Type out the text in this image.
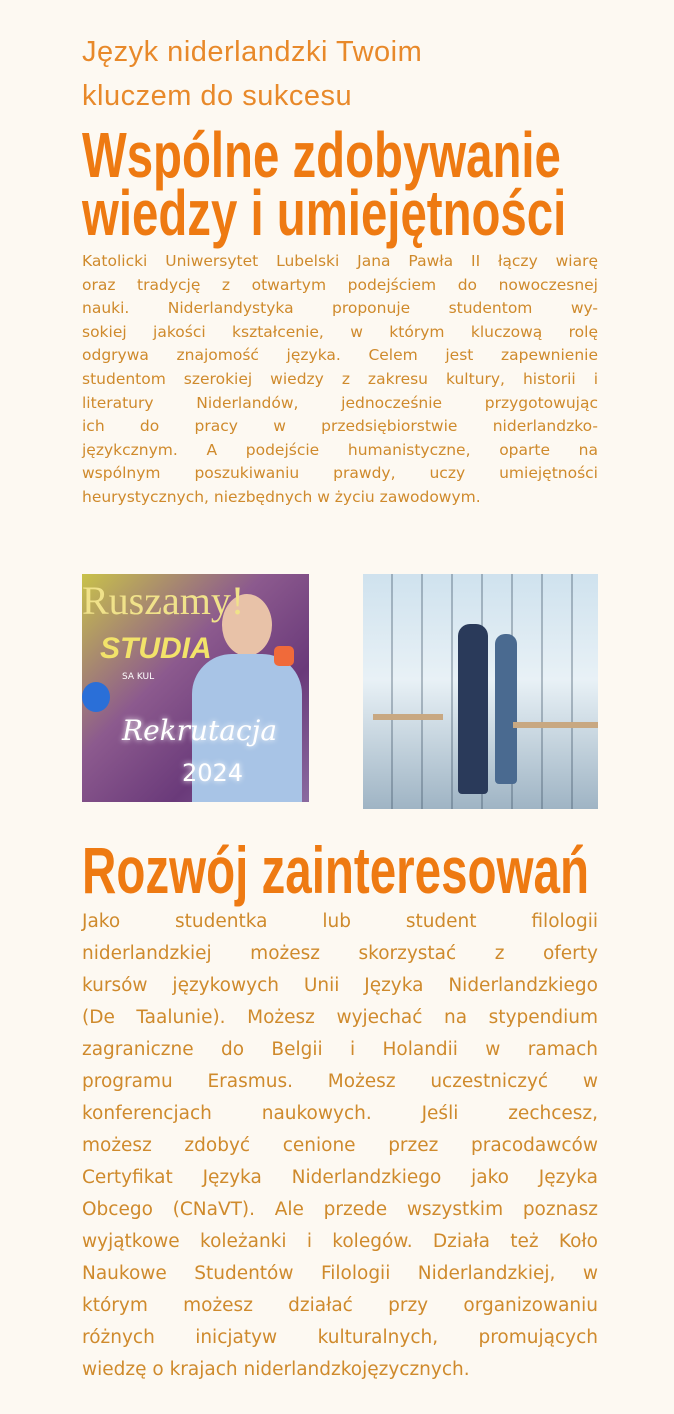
Język niderlandzki Twoim
kluczem do sukcesu
Wspólne zdobywanie
wiedzy i umiejętności
Katolicki Uniwersytet Lubelski Jana Pawła II łączy wiarę
oraz tradycję z otwartym podejściem do nowoczesnej
nauki. Niderlandystyka proponuje studentom wy-
sokiej jakości kształcenie, w którym kluczową rolę
odgrywa znajomość języka. Celem jest zapewnienie
studentom szerokiej wiedzy z zakresu kultury, historii i
literatury Niderlandów, jednocześnie przygotowując
ich do pracy w przedsiębiorstwie niderlandzko-
językcznym. A podejście humanistyczne, oparte na
wspólnym poszukiwaniu prawdy, uczy umiejętności
heurystycznych, niezbędnych w życiu zawodowym.
Ruszamy!
STUDIA
SA KUL
Rekrutacja
2024
Rozwój zainteresowań
Jako studentka lub student filologii
niderlandzkiej możesz skorzystać z oferty
kursów językowych Unii Języka Niderlandzkiego
(De Taalunie). Możesz wyjechać na stypendium
zagraniczne do Belgii i Holandii w ramach
programu Erasmus. Możesz uczestniczyć w
konferencjach naukowych. Jeśli zechcesz,
możesz zdobyć cenione przez pracodawców
Certyfikat Języka Niderlandzkiego jako Języka
Obcego (CNaVT). Ale przede wszystkim poznasz
wyjątkowe koleżanki i kolegów. Działa też Koło
Naukowe Studentów Filologii Niderlandzkiej, w
którym możesz działać przy organizowaniu
różnych inicjatyw kulturalnych, promujących
wiedzę o krajach niderlandzkojęzycznych.
